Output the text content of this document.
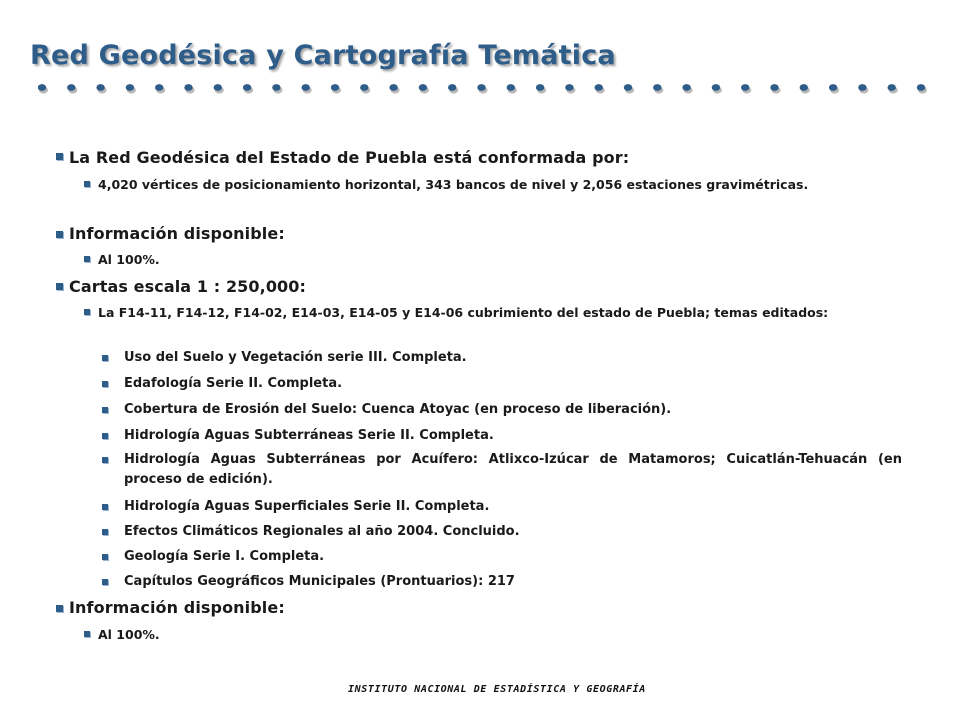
Red Geodésica y Cartografía Temática
La Red Geodésica del Estado de Puebla está conformada por:
4,020 vértices de posicionamiento horizontal, 343 bancos de nivel y 2,056 estaciones gravimétricas.
Información disponible:
Al 100%.
Cartas escala 1 : 250,000:
La F14-11, F14-12, F14-02, E14-03, E14-05 y E14-06 cubrimiento del estado de Puebla; temas editados:
Uso del Suelo y Vegetación serie III. Completa.
Edafología Serie II. Completa.
Cobertura de Erosión del Suelo: Cuenca Atoyac (en proceso de liberación).
Hidrología Aguas Subterráneas Serie II. Completa.
Hidrología Aguas Subterráneas por Acuífero: Atlixco-Izúcar de Matamoros; Cuicatlán-Tehuacán (en proceso de edición).
Hidrología Aguas Superficiales Serie II. Completa.
Efectos Climáticos Regionales al año 2004. Concluido.
Geología Serie I. Completa.
Capítulos Geográficos Municipales (Prontuarios): 217
Información disponible:
Al 100%.
INSTITUTO NACIONAL DE ESTADÍSTICA Y GEOGRAFÍA
